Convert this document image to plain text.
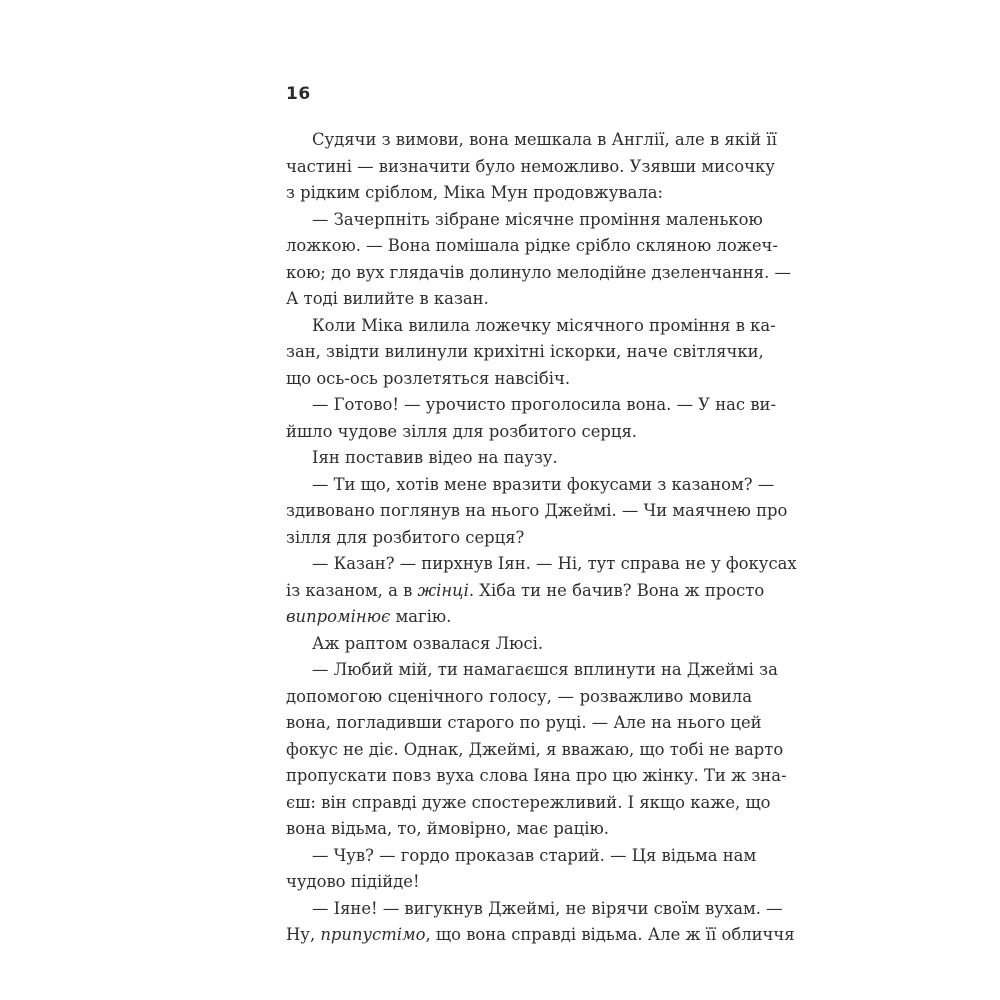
16
Судячи з вимови, вона мешкала в Англії, але в якій її
частині — визначити було неможливо. Узявши мисочку
з рідким сріблом, Міка Мун продовжувала:
— Зачерпніть зібране місячне проміння маленькою
ложкою. — Вона помішала рідке срібло скляною ложеч-
кою; до вух глядачів долинуло мелодійне дзеленчання. —
А тоді вилийте в казан.
Коли Міка вилила ложечку місячного проміння в ка-
зан, звідти вилинули крихітні іскорки, наче світлячки,
що ось-ось розлетяться навсібіч.
— Готово! — урочисто проголосила вона. — У нас ви-
йшло чудове зілля для розбитого серця.
Іян поставив відео на паузу.
— Ти що, хотів мене вразити фокусами з казаном? —
здивовано поглянув на нього Джеймі. — Чи маячнею про
зілля для розбитого серця?
— Казан? — пирхнув Іян. — Ні, тут справа не у фокусах
із казаном, а в жінці. Хіба ти не бачив? Вона ж просто
випромінює магію.
Аж раптом озвалася Люсі.
— Любий мій, ти намагаєшся вплинути на Джеймі за
допомогою сценічного голосу, — розважливо мовила
вона, погладивши старого по руці. — Але на нього цей
фокус не діє. Однак, Джеймі, я вважаю, що тобі не варто
пропускати повз вуха слова Іяна про цю жінку. Ти ж зна-
єш: він справді дуже спостережливий. І якщо каже, що
вона відьма, то, ймовірно, має рацію.
— Чув? — гордо проказав старий. — Ця відьма нам
чудово підійде!
— Іяне! — вигукнув Джеймі, не вірячи своїм вухам. —
Ну, припустімо, що вона справді відьма. Але ж її обличчя
